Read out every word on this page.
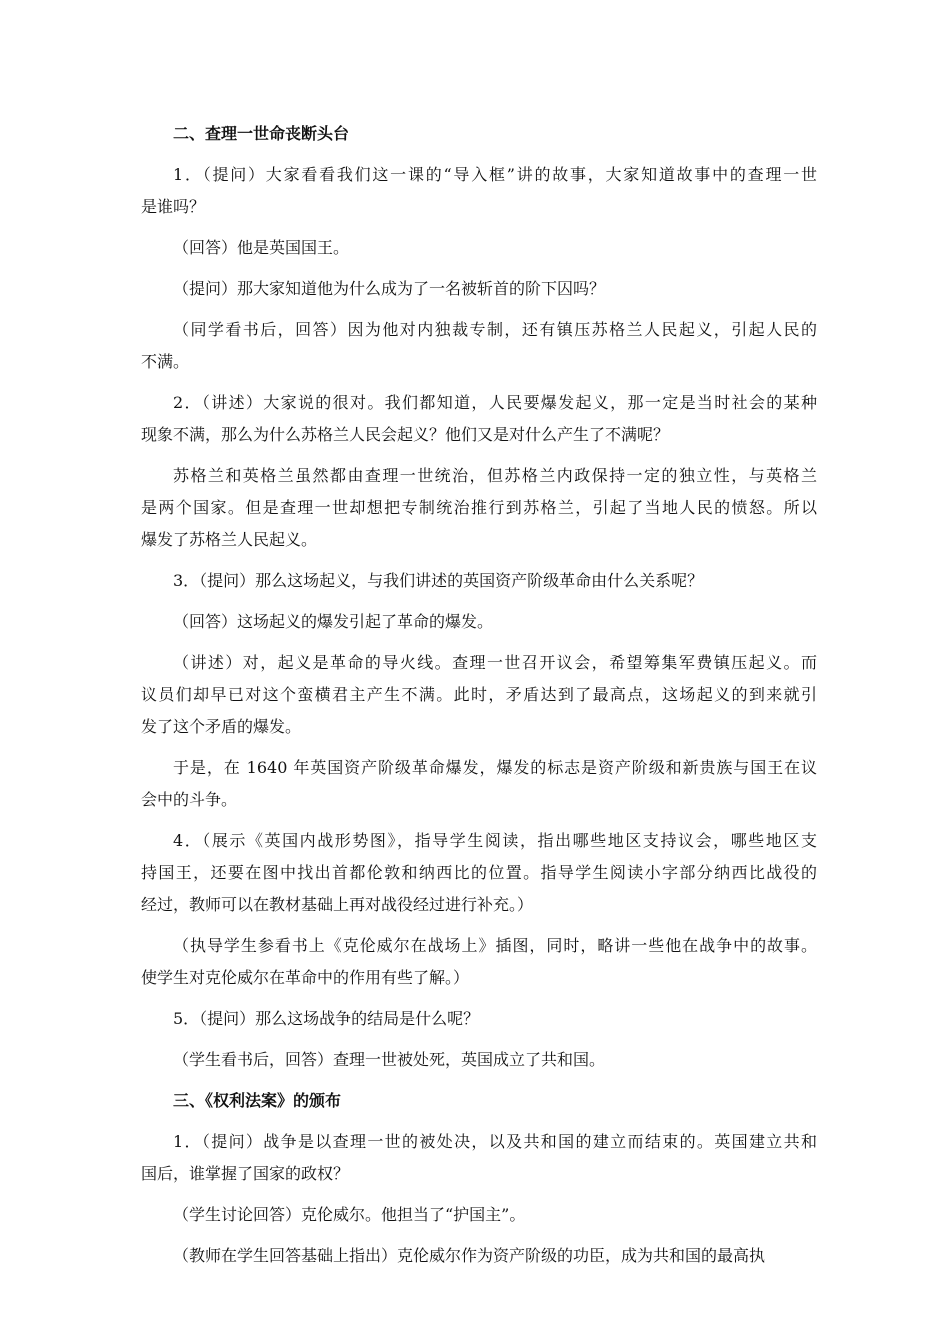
二、查理一世命丧断头台
1．（提问）大家看看我们这一课的“导入框”讲的故事，大家知道故事中的查理一世
是谁吗？
（回答）他是英国国王。
（提问）那大家知道他为什么成为了一名被斩首的阶下囚吗？
（同学看书后，回答）因为他对内独裁专制，还有镇压苏格兰人民起义，引起人民的
不满。
2．（讲述）大家说的很对。我们都知道，人民要爆发起义，那一定是当时社会的某种
现象不满，那么为什么苏格兰人民会起义？他们又是对什么产生了不满呢？
苏格兰和英格兰虽然都由查理一世统治，但苏格兰内政保持一定的独立性，与英格兰
是两个国家。但是查理一世却想把专制统治推行到苏格兰，引起了当地人民的愤怒。所以
爆发了苏格兰人民起义。
3．（提问）那么这场起义，与我们讲述的英国资产阶级革命由什么关系呢？
（回答）这场起义的爆发引起了革命的爆发。
（讲述）对，起义是革命的导火线。查理一世召开议会，希望筹集军费镇压起义。而
议员们却早已对这个蛮横君主产生不满。此时，矛盾达到了最高点，这场起义的到来就引
发了这个矛盾的爆发。
于是，在 1640 年英国资产阶级革命爆发，爆发的标志是资产阶级和新贵族与国王在议
会中的斗争。
4．（展示《英国内战形势图》，指导学生阅读，指出哪些地区支持议会，哪些地区支
持国王，还要在图中找出首都伦敦和纳西比的位置。指导学生阅读小字部分纳西比战役的
经过，教师可以在教材基础上再对战役经过进行补充。）
（执导学生参看书上《克伦威尔在战场上》插图，同时，略讲一些他在战争中的故事。
使学生对克伦威尔在革命中的作用有些了解。）
5．（提问）那么这场战争的结局是什么呢？
（学生看书后，回答）查理一世被处死，英国成立了共和国。
三、《权利法案》的颁布
1．（提问）战争是以查理一世的被处决，以及共和国的建立而结束的。英国建立共和
国后，谁掌握了国家的政权？
（学生讨论回答）克伦威尔。他担当了“护国主”。
（教师在学生回答基础上指出）克伦威尔作为资产阶级的功臣，成为共和国的最高执
